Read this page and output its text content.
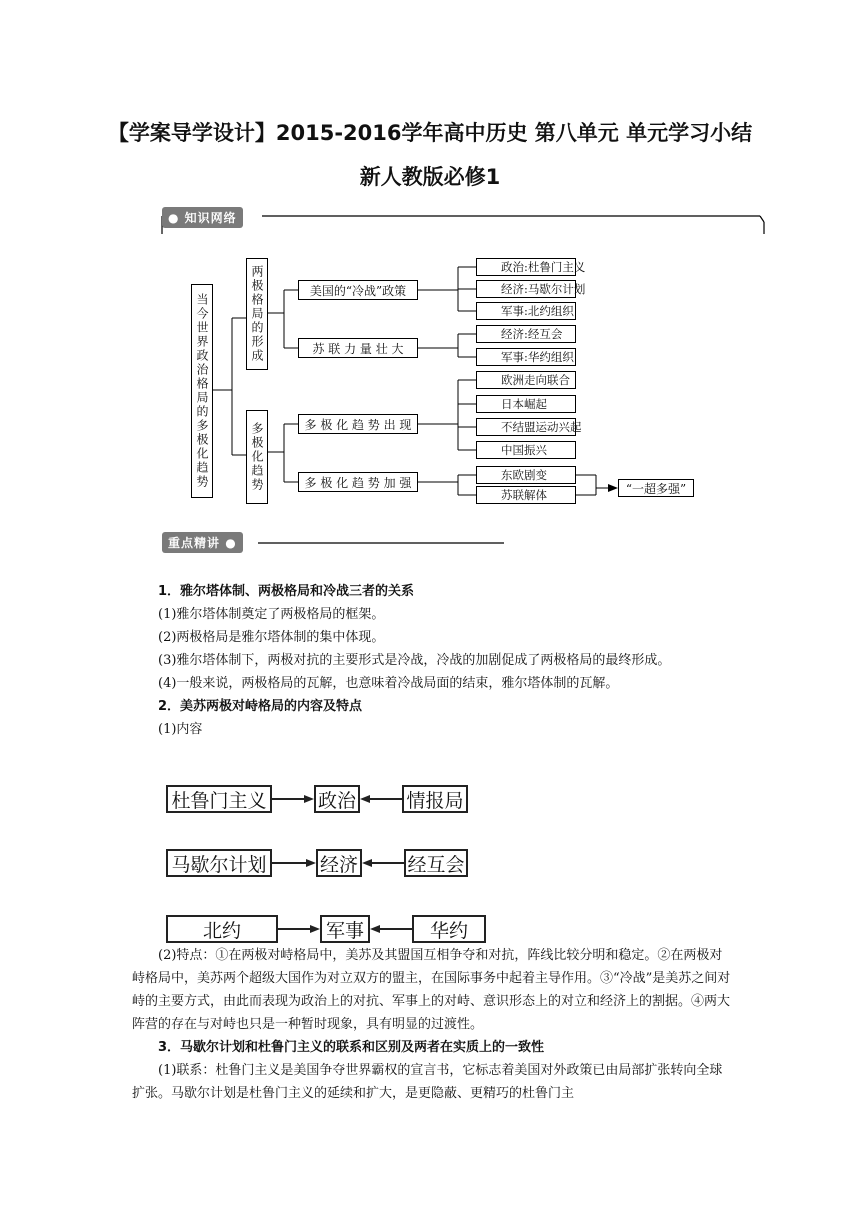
【学案导学设计】2015-2016学年高中历史 第八单元 单元学习小结
新人教版必修1
● 知识网络
当今世界政治格局的多极化趋势	两极格局的形成
多极化趋势
美国的“冷战”政策
苏 联 力 量 壮 大
多 极 化 趋 势 出 现
多 极 化 趋 势 加 强
政治:杜鲁门主义
经济:马歇尔计划
军事:北约组织
经济:经互会
军事:华约组织
欧洲走向联合
日本崛起
不结盟运动兴起
中国振兴
东欧剧变
苏联解体	“一超多强”
重点精讲 ●

1．雅尔塔体制、两极格局和冷战三者的关系

(1)雅尔塔体制奠定了两极格局的框架。

(2)两极格局是雅尔塔体制的集中体现。

(3)雅尔塔体制下，两极对抗的主要形式是冷战，冷战的加剧促成了两极格局的最终形成。

(4)一般来说，两极格局的瓦解，也意味着冷战局面的结束，雅尔塔体制的瓦解。

2．美苏两极对峙格局的内容及特点

(1)内容

杜鲁门主义	政治	情报局
马歇尔计划	经济	经互会
北约	军事	华约

(2)特点：①在两极对峙格局中，美苏及其盟国互相争夺和对抗，阵线比较分明和稳定。②在两极对峙格局中，美苏两个超级大国作为对立双方的盟主，在国际事务中起着主导作用。③“冷战”是美苏之间对峙的主要方式，由此而表现为政治上的对抗、军事上的对峙、意识形态上的对立和经济上的割据。④两大阵营的存在与对峙也只是一种暂时现象，具有明显的过渡性。

3．马歇尔计划和杜鲁门主义的联系和区别及两者在实质上的一致性

(1)联系：杜鲁门主义是美国争夺世界霸权的宣言书，它标志着美国对外政策已由局部扩张转向全球扩张。马歇尔计划是杜鲁门主义的延续和扩大，是更隐蔽、更精巧的杜鲁门主
